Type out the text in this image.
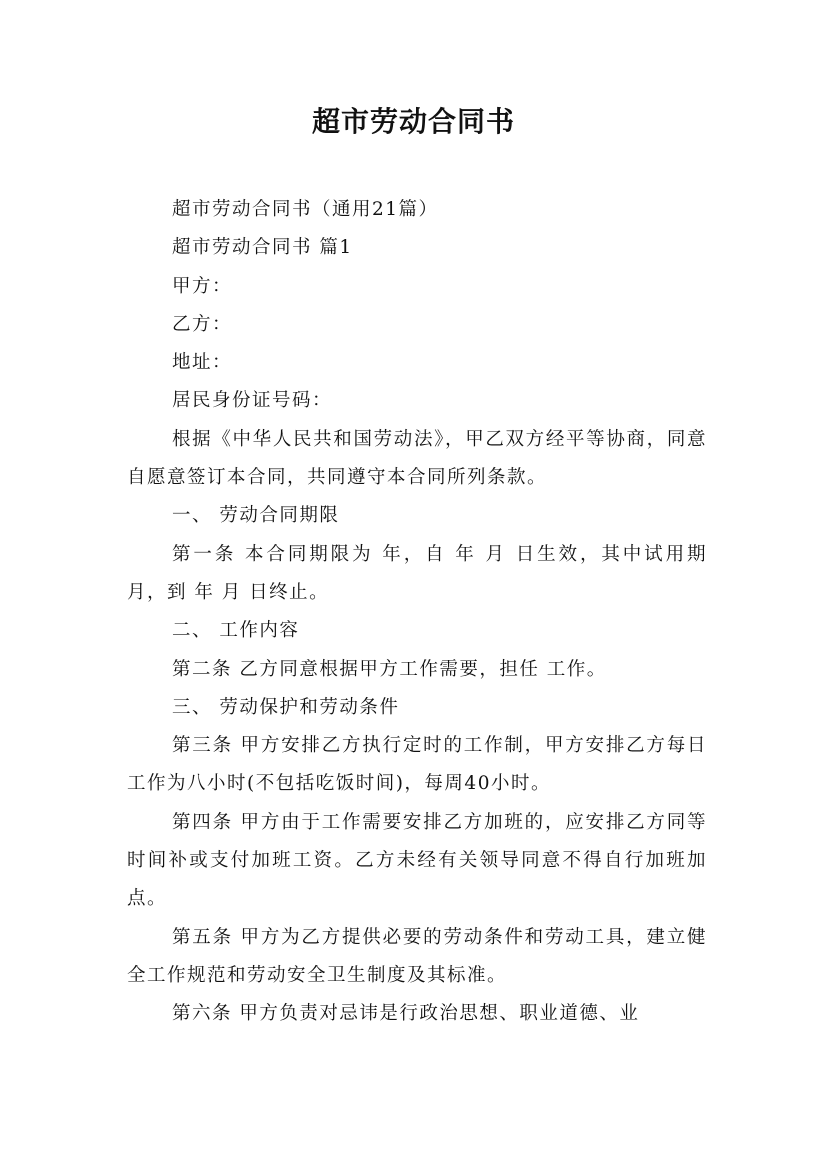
超市劳动合同书

超市劳动合同书（通用21篇）

超市劳动合同书 篇1

甲方：

乙方：

地址：

居民身份证号码：

根据《中华人民共和国劳动法》，甲乙双方经平等协商，同意自愿意签订本合同，共同遵守本合同所列条款。

一、 劳动合同期限

第一条 本合同期限为 年，自 年 月 日生效，其中试用期 月，到 年 月 日终止。

二、 工作内容

第二条 乙方同意根据甲方工作需要，担任 工作。

三、 劳动保护和劳动条件

第三条 甲方安排乙方执行定时的工作制，甲方安排乙方每日工作为八小时(不包括吃饭时间)，每周40小时。

第四条 甲方由于工作需要安排乙方加班的，应安排乙方同等时间补或支付加班工资。乙方未经有关领导同意不得自行加班加点。

第五条 甲方为乙方提供必要的劳动条件和劳动工具，建立健全工作规范和劳动安全卫生制度及其标准。

第六条 甲方负责对忌讳是行政治思想、职业道德、业
